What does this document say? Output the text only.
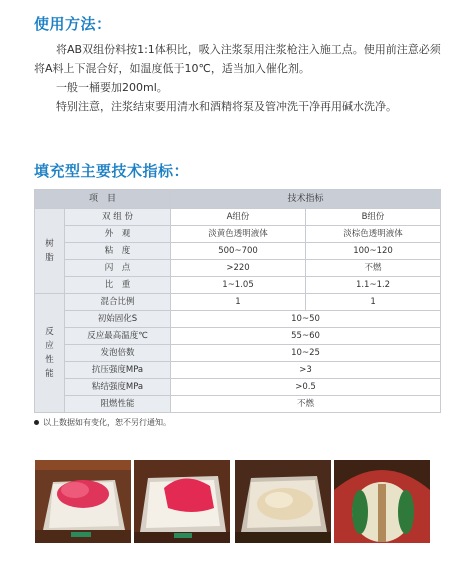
使用方法：
将AB双组份料按1:1体积比，吸入注浆泵用注浆枪注入施工点。使用前注意必须将A料上下混合好，如温度低于10℃，适当加入催化剂。
一般一桶要加200ml。
特别注意，注浆结束要用清水和酒精将泵及管冲洗干净再用碱水洗净。
填充型主要技术指标：
项　目		技术指标	
树
脂	双 组 份	A组份	B组份
	外　观	淡黄色透明液体	淡棕色透明液体
	粘　度	500~700	100~120
	闪　点	>220	不燃
	比　重	1~1.05	1.1~1.2
反
应
性
能	混合比例	1	1
	初始固化S	10~50	
	反应最高温度℃	55~60	
	发泡倍数	10~25	
	抗压强度MPa	>3	
	粘结强度MPa	>0.5	
	阻燃性能	不燃	
以上数据如有变化，恕不另行通知。
